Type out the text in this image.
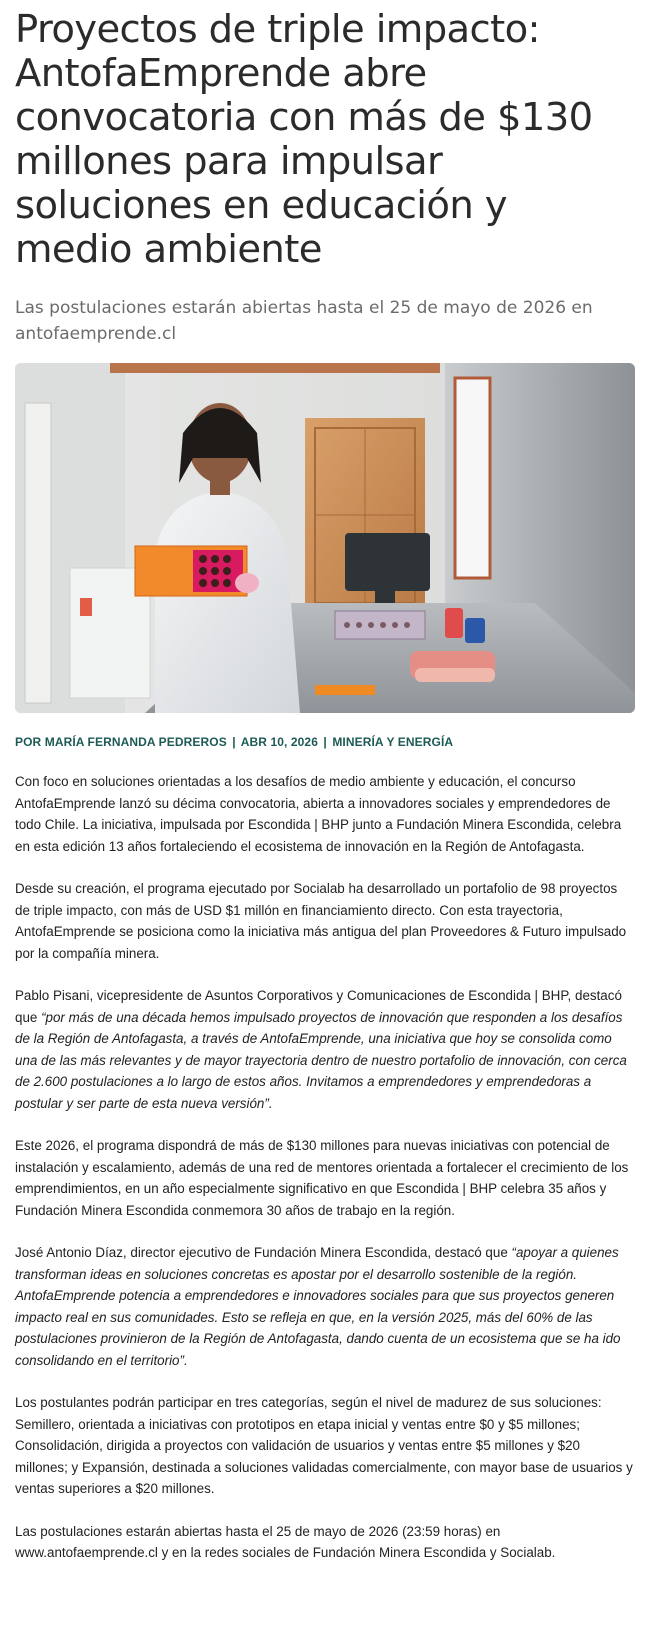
Proyectos de triple impacto: AntofaEmprende abre convocatoria con más de $130 millones para impulsar soluciones en educación y medio ambiente

Las postulaciones estarán abiertas hasta el 25 de mayo de 2026 en antofaemprende.cl

POR MARÍA FERNANDA PEDREROS | ABR 10, 2026 | MINERÍA Y ENERGÍA

Con foco en soluciones orientadas a los desafíos de medio ambiente y educación, el concurso AntofaEmprende lanzó su décima convocatoria, abierta a innovadores sociales y emprendedores de todo Chile. La iniciativa, impulsada por Escondida | BHP junto a Fundación Minera Escondida, celebra en esta edición 13 años fortaleciendo el ecosistema de innovación en la Región de Antofagasta.

Desde su creación, el programa ejecutado por Socialab ha desarrollado un portafolio de 98 proyectos de triple impacto, con más de USD $1 millón en financiamiento directo. Con esta trayectoria, AntofaEmprende se posiciona como la iniciativa más antigua del plan Proveedores & Futuro impulsado por la compañía minera.

Pablo Pisani, vicepresidente de Asuntos Corporativos y Comunicaciones de Escondida | BHP, destacó que “por más de una década hemos impulsado proyectos de innovación que responden a los desafíos de la Región de Antofagasta, a través de AntofaEmprende, una iniciativa que hoy se consolida como una de las más relevantes y de mayor trayectoria dentro de nuestro portafolio de innovación, con cerca de 2.600 postulaciones a lo largo de estos años. Invitamos a emprendedores y emprendedoras a postular y ser parte de esta nueva versión”.

Este 2026, el programa dispondrá de más de $130 millones para nuevas iniciativas con potencial de instalación y escalamiento, además de una red de mentores orientada a fortalecer el crecimiento de los emprendimientos, en un año especialmente significativo en que Escondida | BHP celebra 35 años y Fundación Minera Escondida conmemora 30 años de trabajo en la región.

José Antonio Díaz, director ejecutivo de Fundación Minera Escondida, destacó que “apoyar a quienes transforman ideas en soluciones concretas es apostar por el desarrollo sostenible de la región. AntofaEmprende potencia a emprendedores e innovadores sociales para que sus proyectos generen impacto real en sus comunidades. Esto se refleja en que, en la versión 2025, más del 60% de las postulaciones provinieron de la Región de Antofagasta, dando cuenta de un ecosistema que se ha ido consolidando en el territorio”.

Los postulantes podrán participar en tres categorías, según el nivel de madurez de sus soluciones: Semillero, orientada a iniciativas con prototipos en etapa inicial y ventas entre $0 y $5 millones; Consolidación, dirigida a proyectos con validación de usuarios y ventas entre $5 millones y $20 millones; y Expansión, destinada a soluciones validadas comercialmente, con mayor base de usuarios y ventas superiores a $20 millones.

Las postulaciones estarán abiertas hasta el 25 de mayo de 2026 (23:59 horas) en www.antofaemprende.cl y en la redes sociales de Fundación Minera Escondida y Socialab.
